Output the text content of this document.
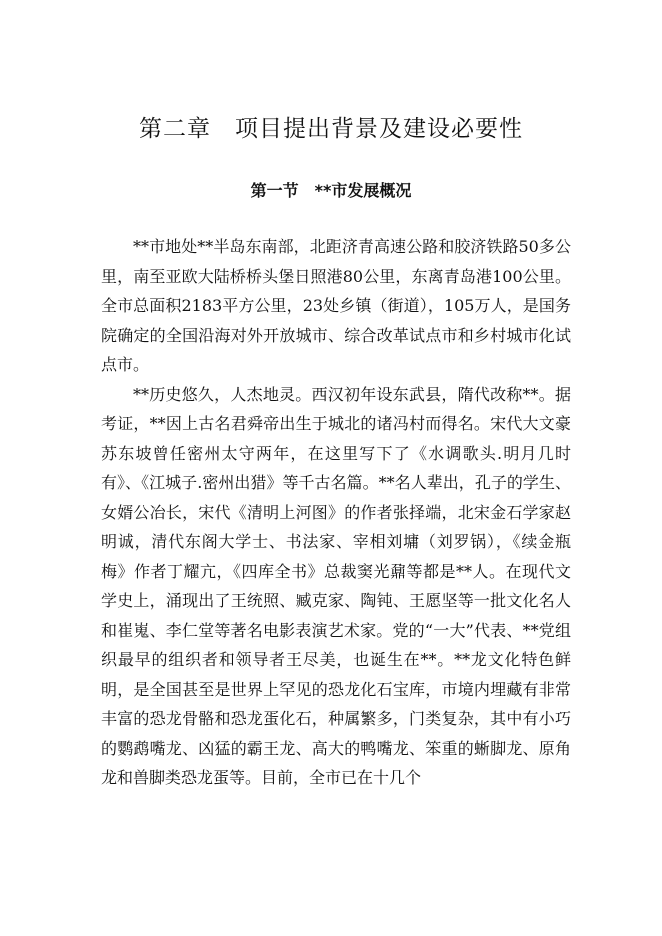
第二章　项目提出背景及建设必要性
第一节　**市发展概况

**市地处**半岛东南部，北距济青高速公路和胶济铁路50多公里，南至亚欧大陆桥桥头堡日照港80公里，东离青岛港100公里。全市总面积2183平方公里，23处乡镇（街道），105万人，是国务院确定的全国沿海对外开放城市、综合改革试点市和乡村城市化试点市。

**历史悠久，人杰地灵。西汉初年设东武县，隋代改称**。据考证，**因上古名君舜帝出生于城北的诸冯村而得名。宋代大文豪苏东坡曾任密州太守两年，在这里写下了《水调歌头.明月几时有》、《江城子.密州出猎》等千古名篇。**名人辈出，孔子的学生、女婿公冶长，宋代《清明上河图》的作者张择端，北宋金石学家赵明诚，清代东阁大学士、书法家、宰相刘墉（刘罗锅），《续金瓶梅》作者丁耀亢，《四库全书》总裁窦光鼐等都是**人。在现代文学史上，涌现出了王统照、臧克家、陶钝、王愿坚等一批文化名人和崔嵬、李仁堂等著名电影表演艺术家。党的“一大”代表、**党组织最早的组织者和领导者王尽美，也诞生在**。**龙文化特色鲜明，是全国甚至是世界上罕见的恐龙化石宝库，市境内埋藏有非常丰富的恐龙骨骼和恐龙蛋化石，种属繁多，门类复杂，其中有小巧的鹦鹉嘴龙、凶猛的霸王龙、高大的鸭嘴龙、笨重的蜥脚龙、原角龙和兽脚类恐龙蛋等。目前，全市已在十几个
